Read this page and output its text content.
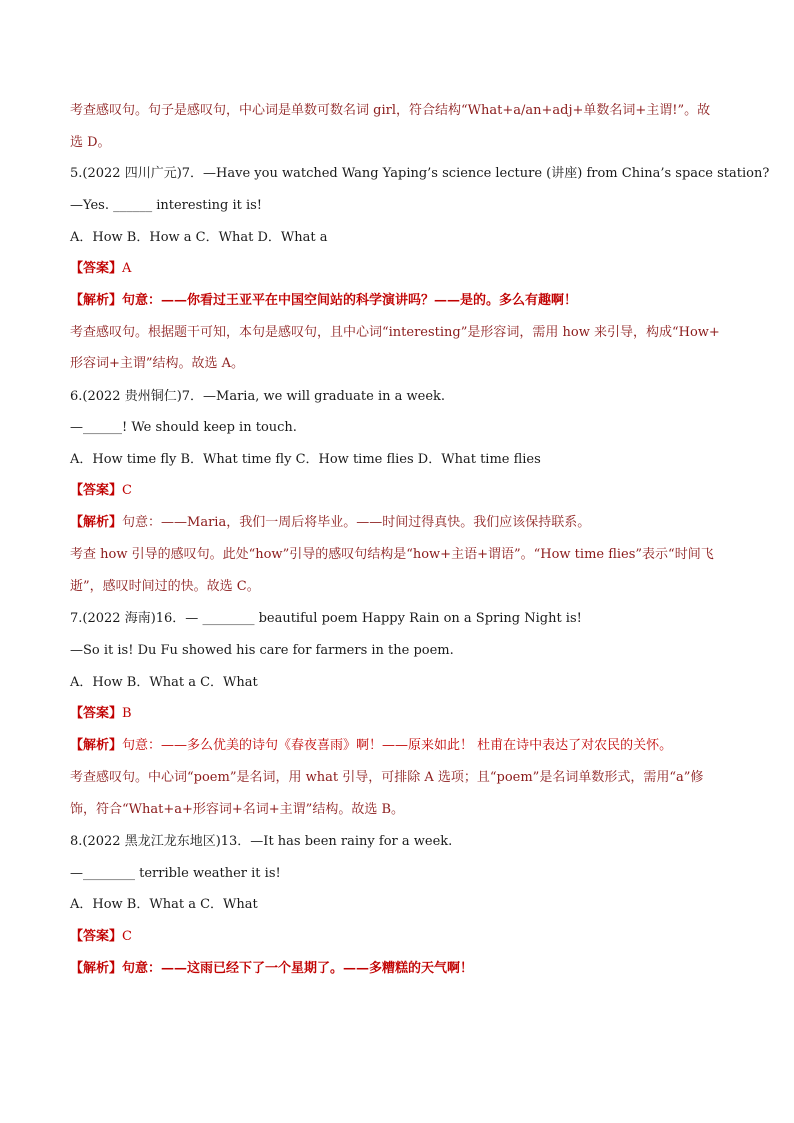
考查感叹句。句子是感叹句，中心词是单数可数名词 girl，符合结构“What+a/an+adj+单数名词+主谓!”。故
选 D。
5.(2022 四川广元)7．—Have you watched Wang Yaping’s science lecture (讲座) from China’s space station?
—Yes. ______ interesting it is!
A．How B．How a C．What D．What a
【答案】A
【解析】句意：——你看过王亚平在中国空间站的科学演讲吗？——是的。多么有趣啊！
考查感叹句。根据题干可知，本句是感叹句，且中心词“interesting”是形容词，需用 how 来引导，构成“How+
形容词+主谓”结构。故选 A。
6.(2022 贵州铜仁)7．—Maria, we will graduate in a week.
—______! We should keep in touch.
A．How time fly B．What time fly C．How time flies D．What time flies
【答案】C
【解析】句意：——Maria，我们一周后将毕业。——时间过得真快。我们应该保持联系。
考查 how 引导的感叹句。此处“how”引导的感叹句结构是“how+主语+谓语”。“How time flies”表示“时间飞
逝”，感叹时间过的快。故选 C。
7.(2022 海南)16．— ________ beautiful poem Happy Rain on a Spring Night is!
—So it is! Du Fu showed his care for farmers in the poem.
A．How B．What a C．What
【答案】B
【解析】句意：——多么优美的诗句《春夜喜雨》啊！——原来如此！ 杜甫在诗中表达了对农民的关怀。
考查感叹句。中心词“poem”是名词，用 what 引导，可排除 A 选项；且“poem”是名词单数形式，需用“a”修
饰，符合“What+a+形容词+名词+主谓”结构。故选 B。
8.(2022 黑龙江龙东地区)13．—It has been rainy for a week.
—________ terrible weather it is!
A．How B．What a C．What
【答案】C
【解析】句意：——这雨已经下了一个星期了。——多糟糕的天气啊！
